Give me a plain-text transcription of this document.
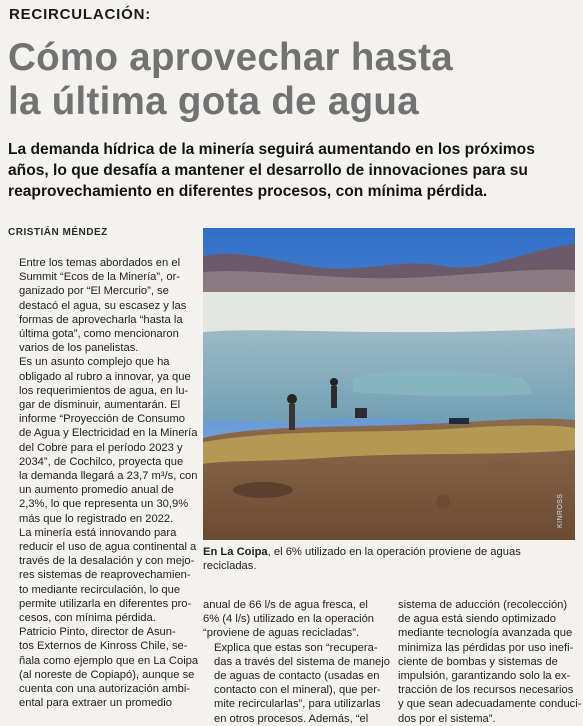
RECIRCULACIÓN:
Cómo aprovechar hasta
la última gota de agua
La demanda hídrica de la minería seguirá aumentando en los próximos
años, lo que desafía a mantener el desarrollo de innovaciones para su
reaprovechamiento en diferentes procesos, con mínima pérdida.
CRISTIÁN MÉNDEZ

Entre los temas abordados en el
Summit “Ecos de la Minería”, or-
ganizado por “El Mercurio”, se
destacó el agua, su escasez y las
formas de aprovecharla “hasta la
última gota”, como mencionaron
varios de los panelistas.

Es un asunto complejo que ha
obligado al rubro a innovar, ya que
los requerimientos de agua, en lu-
gar de disminuir, aumentarán. El
informe “Proyección de Consumo
de Agua y Electricidad en la Minería
del Cobre para el período 2023 y
2034”, de Cochilco, proyecta que
la demanda llegará a 23,7 m³/s, con
un aumento promedio anual de
2,3%, lo que representa un 30,9%
más que lo registrado en 2022.

La minería está innovando para
reducir el uso de agua continental a
través de la desalación y con mejo-
res sistemas de reaprovechamien-
to mediante recirculación, lo que
permite utilizarla en diferentes pro-
cesos, con mínima pérdida.

Patricio Pinto, director de Asun-
tos Externos de Kinross Chile, se-
ñala como ejemplo que en La Coipa
(al noreste de Copiapó), aunque se
cuenta con una autorización ambi-
ental para extraer un promedio

KINROSS
En La Coipa, el 6% utilizado en la operación proviene de aguas
recicladas.

anual de 66 l/s de agua fresca, el
6% (4 l/s) utilizado en la operación
“proviene de aguas recicladas”.

Explica que estas son “recupera-
das a través del sistema de manejo
de aguas de contacto (usadas en
contacto con el mineral), que per-
mite recircularlas”, para utilizarlas
en otros procesos. Además, “el

sistema de aducción (recolección)
de agua está siendo optimizado
mediante tecnología avanzada que
minimiza las pérdidas por uso inefi-
ciente de bombas y sistemas de
impulsión, garantizando solo la ex-
tracción de los recursos necesarios
y que sean adecuadamente conduci-
dos por el sistema”.
